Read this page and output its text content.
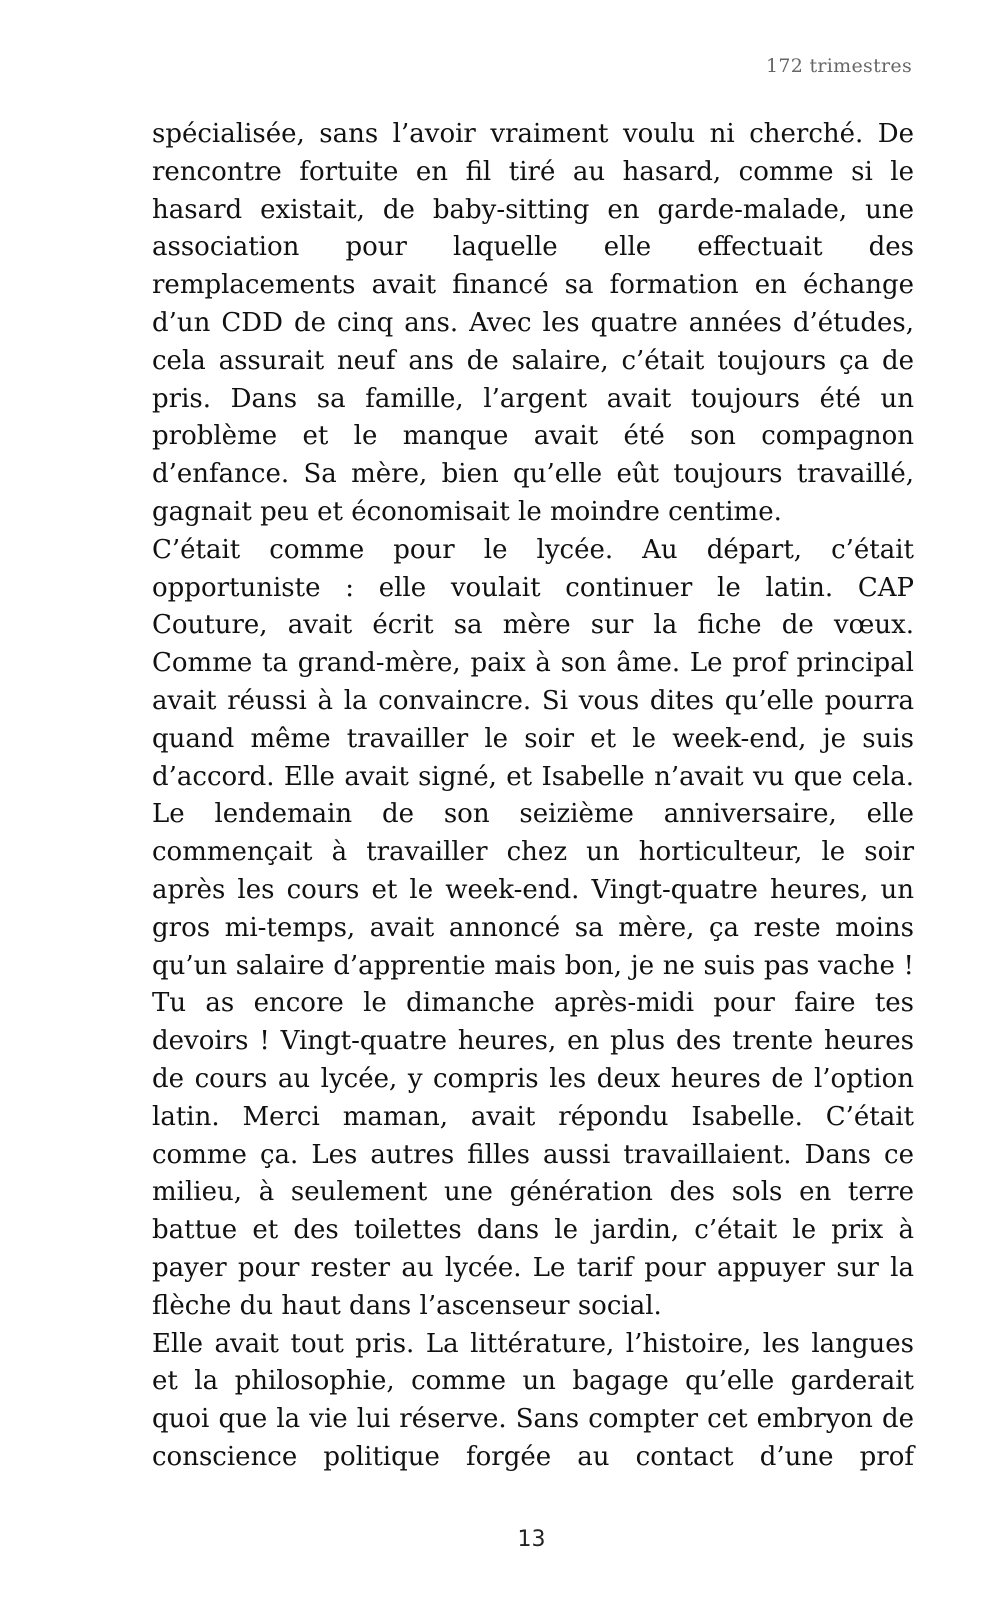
172 trimestres

spécialisée, sans l’avoir vraiment voulu ni cherché. De rencontre fortuite en fil tiré au hasard, comme si le hasard existait, de baby-sitting en garde-malade, une association pour laquelle elle effectuait des remplacements avait financé sa formation en échange d’un CDD de cinq ans. Avec les quatre années d’études, cela assurait neuf ans de salaire, c’était toujours ça de pris. Dans sa famille, l’argent avait toujours été un problème et le manque avait été son compagnon d’enfance. Sa mère, bien qu’elle eût toujours travaillé, gagnait peu et économisait le moindre centime.

C’était comme pour le lycée. Au départ, c’était opportuniste : elle voulait continuer le latin. CAP Couture, avait écrit sa mère sur la fiche de vœux. Comme ta grand-mère, paix à son âme. Le prof principal avait réussi à la convaincre. Si vous dites qu’elle pourra quand même travailler le soir et le week-end, je suis d’accord. Elle avait signé, et Isabelle n’avait vu que cela. Le lendemain de son seizième anniversaire, elle commençait à travailler chez un horticulteur, le soir après les cours et le week-end. Vingt-quatre heures, un gros mi-temps, avait annoncé sa mère, ça reste moins qu’un salaire d’apprentie mais bon, je ne suis pas vache ! Tu as encore le dimanche après-midi pour faire tes devoirs ! Vingt-quatre heures, en plus des trente heures de cours au lycée, y compris les deux heures de l’option latin. Merci maman, avait répondu Isabelle. C’était comme ça. Les autres filles aussi travaillaient. Dans ce milieu, à seulement une génération des sols en terre battue et des toilettes dans le jardin, c’était le prix à payer pour rester au lycée. Le tarif pour appuyer sur la flèche du haut dans l’ascenseur social.

Elle avait tout pris. La littérature, l’histoire, les langues et la philosophie, comme un bagage qu’elle garderait quoi que la vie lui réserve. Sans compter cet embryon de conscience politique forgée au contact d’une prof

13
